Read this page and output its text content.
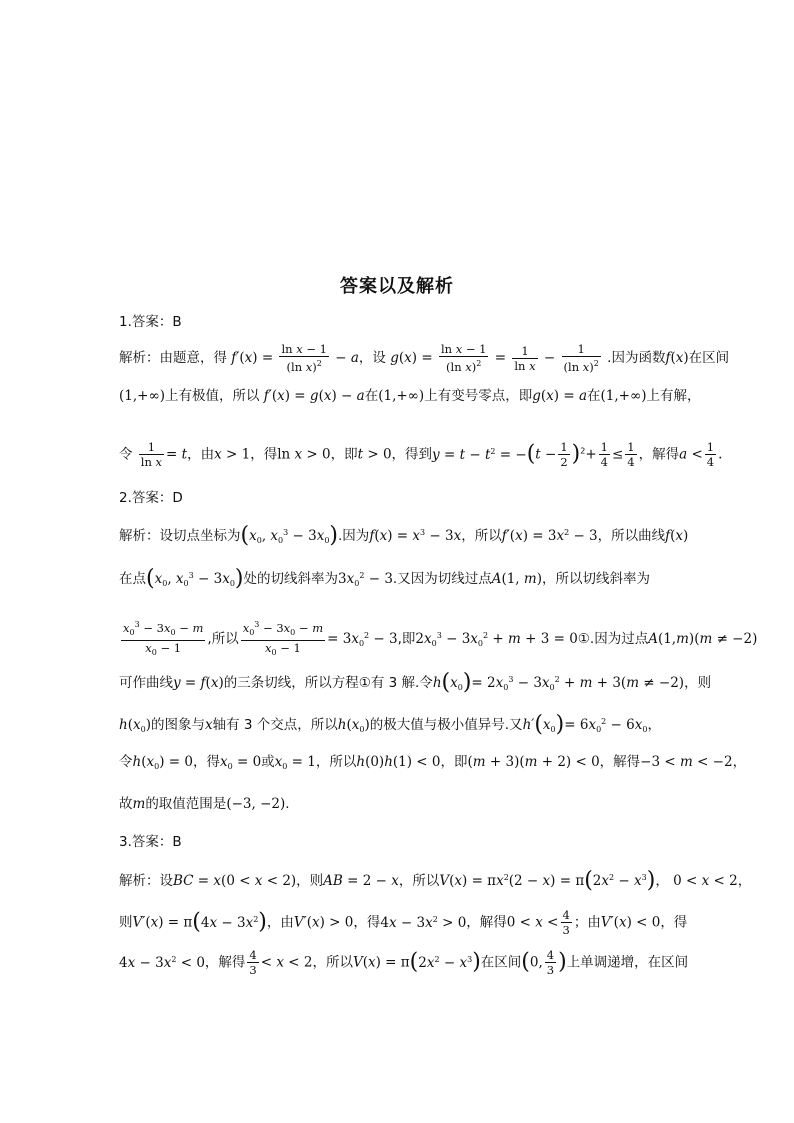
答案以及解析
1.答案：B
解析：由题意，得 $f'(x) = \frac{\text{ln x − 1}}{(\ln x)^2} - a$，设 $g(x) = \frac{\text{ln x − 1}}{(\ln x)^2} = \frac{1}{\text{ln x}} - \frac{1}{(\ln x)^2}$ .因为函数f(x)在区间
(1,+∞)上有极值，所以 f′(x) = g(x) − a在(1,+∞)上有变号零点，即g(x) = a在(1,+∞)上有解，
令 $\frac{1}{\text{ln x}} = t$，由x > 1，得ln x > 0，即t > 0，得到$y = t - t^2 = -(t - \frac{1}{2} )^2+ \frac{1}{4} \le \frac{1}{4}$ ，解得$a < \frac{1}{4}$ .
2.答案：D
解析：设切点坐标为($x_0$, $x_0^3 - 3x_0$).因为$f(x) = x^3 - 3x$，所以$f'(x) = 3x^2 - 3$，所以曲线f(x)
在点($x_0$, $x_0^3 - 3x_0$)处的切线斜率为$3x_0^2 - 3$.又因为切线过点A(1, m)，所以切线斜率为
$\frac{x_0^3 - 3x_0 - m}{x_0 - 1}$ ,所以 $\frac{x_0^3 - 3x_0 - m}{x_0 - 1} = 3x_0^2 - 3$,即$2x_0^3 - 3x_0^2 + m + 3$ = 0①.因为过点A(1,m)(m ≠ −2)
可作曲线y = f(x)的三条切线，所以方程①有 3 解.令$h(x_0)= 2x_0^3 - 3x_0^2 + m + 3(m \ne -2)$，则
$h(x_0)$的图象与x轴有 3 个交点，所以$h(x_0)$的极大值与极小值异号.又$h'(x_0)= 6x_0^2 - 6x_0$，
令$h(x_0) = 0$，得$x_0 = 0$或$x_0 = 1$，所以h(0)h(1) < 0，即(m + 3)(m + 2) < 0，解得−3 < m < −2，
故m的取值范围是(−3, −2).
3.答案：B
解析：设BC = x(0 < x < 2)，则AB = 2 − x，所以$V(x) = \pi x^2(2 - x) = \pi(2x^2 - x^3)$， 0 < x < 2，
则$V'(x) = \pi(4x - 3x^2)$，由V′(x) > 0，得$4x - 3x^2 > 0$，解得$0 < x < \frac{4}{3}$ ；由V′(x) < 0，得
$4x - 3x^2 < 0$，解得 $\frac{4}{3} < x < 2$，所以$V(x) = \pi(2x^2 - x^3)$在区间(0, $\frac{4}{3}$ )上单调递增，在区间
